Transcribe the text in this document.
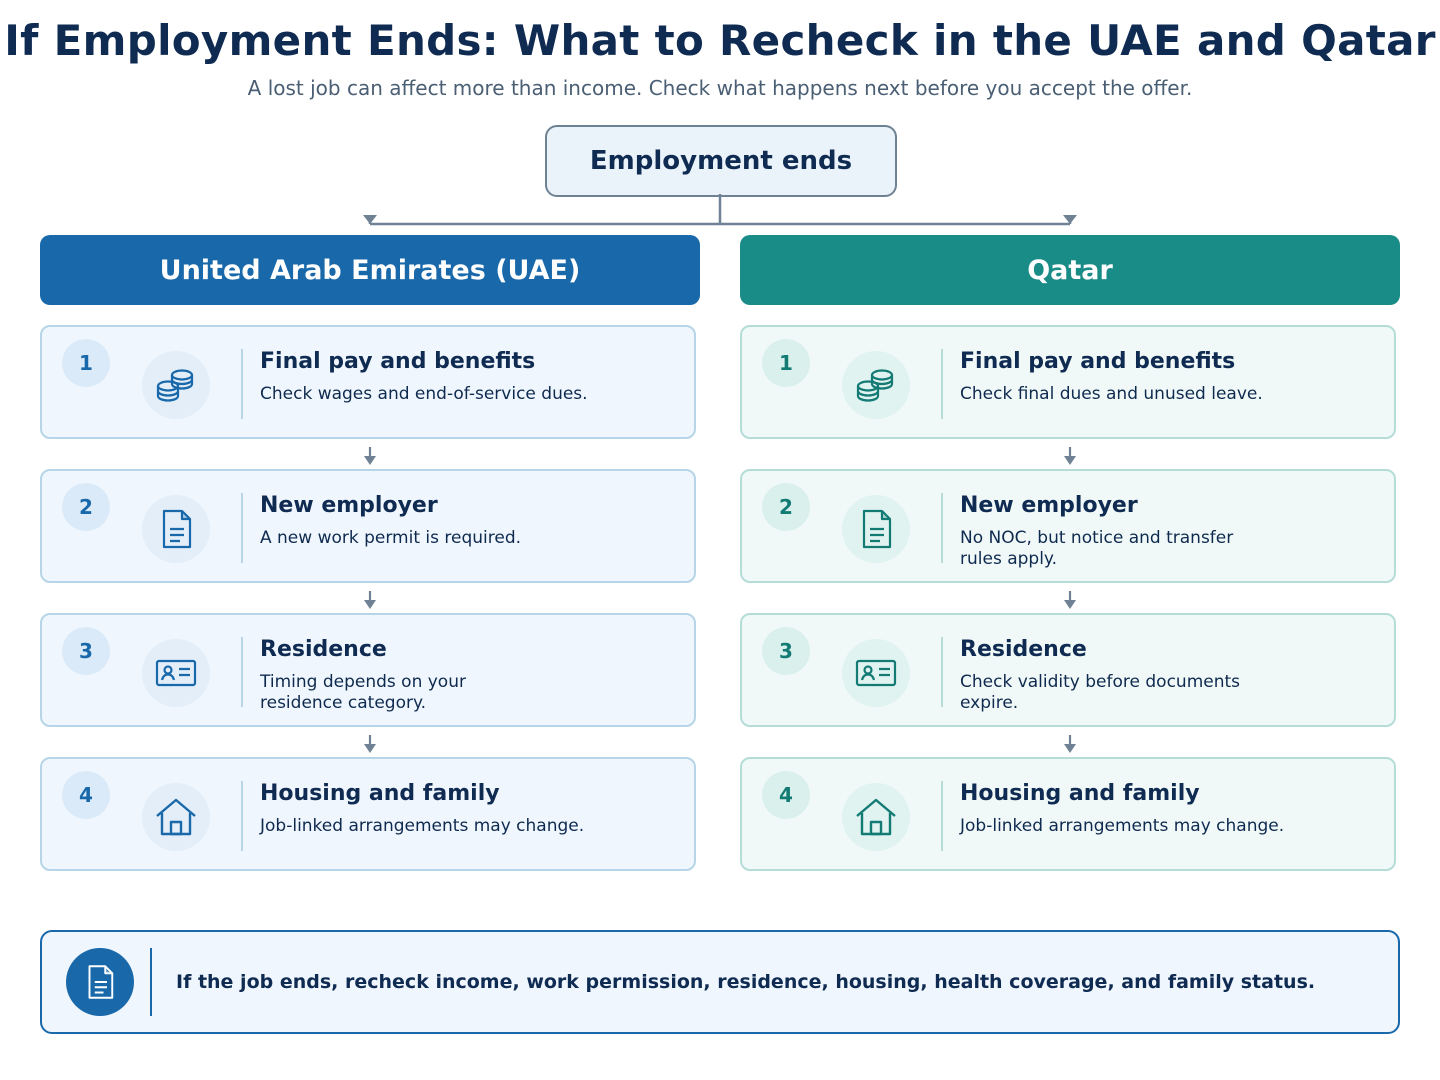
If Employment Ends: What to Recheck in the UAE and Qatar
A lost job can affect more than income. Check what happens next before you accept the offer.
Employment ends
United Arab Emirates (UAE)	Qatar
1	Final pay and benefits
Check wages and end-of-service dues.
2	New employer
A new work permit is required.
3	Residence
Timing depends on your residence category.
4	Housing and family
Job-linked arrangements may change.
1	Final pay and benefits
Check final dues and unused leave.
2	New employer
No NOC, but notice and transfer rules apply.
3	Residence
Check validity before documents expire.
4	Housing and family
Job-linked arrangements may change.
If the job ends, recheck income, work permission, residence, housing, health coverage, and family status.
